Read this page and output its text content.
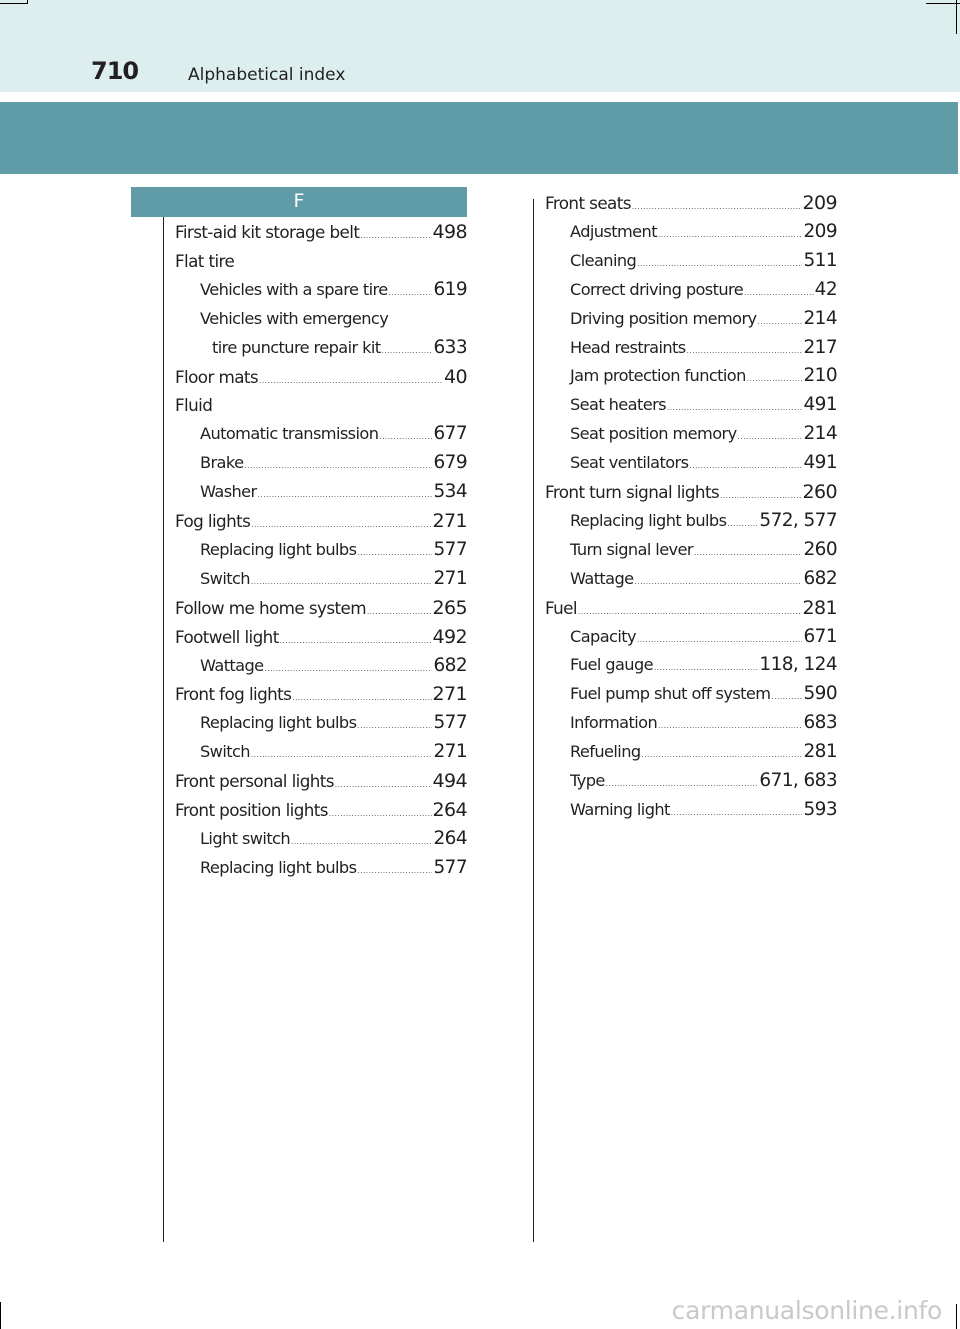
710	Alphabetical index
F
First-aid kit storage belt .....	498
Flat tire
Vehicles with a spare tire ..... 619
Vehicles with emergency
tire puncture repair kit .....	633
Floor mats .....	40
Fluid
Automatic transmission .....	677
Brake .....	679
Washer .....	534
Fog lights .....	271
Replacing light bulbs .....	577
Switch .....	271
Follow me home system .....	265
Footwell light .....	492
Wattage .....	682
Front fog lights .....	271
Replacing light bulbs .....	577
Switch .....	271
Front personal lights .....	494
Front position lights .....	264
Light switch .....	264
Replacing light bulbs .....	577
Front seats .....	209
Adjustment .....	209
Cleaning .....	511
Correct driving posture .....	42
Driving position memory .....	214
Head restraints .....	217
Jam protection function .....	210
Seat heaters .....	491
Seat position memory .....	214
Seat ventilators .....	491
Front turn signal lights .....	260
Replacing light bulbs ..... 572, 577
Turn signal lever .....	260
Wattage .....	682
Fuel .....	281
Capacity .....	671
Fuel gauge .....	118, 124
Fuel pump shut off system ..... 590
Information .....	683
Refueling .....	281
Type .....	671, 683
Warning light .....	593
carmanualsonline.info
